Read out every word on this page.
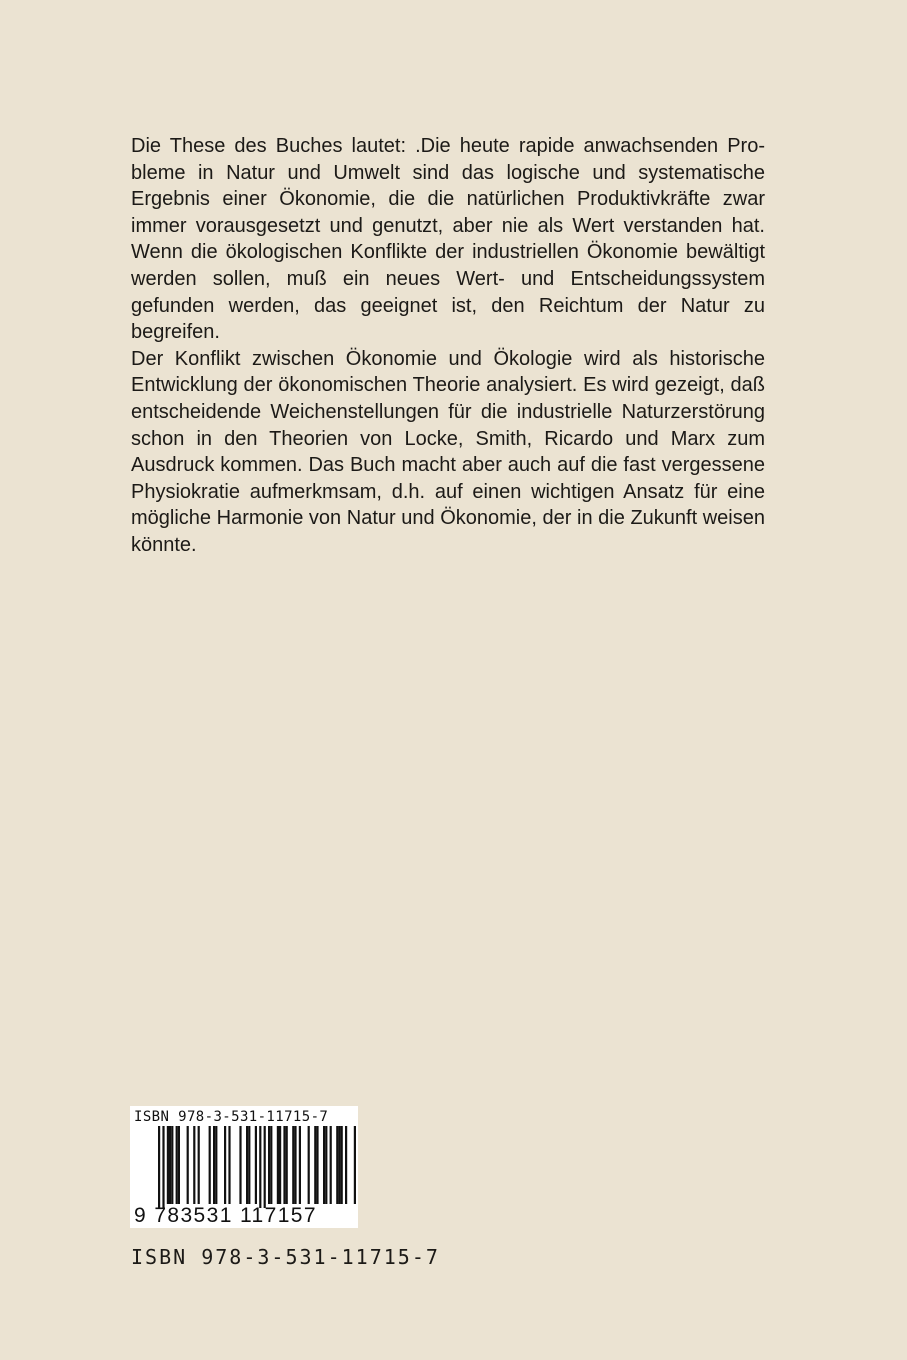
Die These des Buches lautet: .Die heute rapide anwachsenden Probleme in Natur und Umwelt sind das logische und systematische Ergebnis einer Ökonomie, die die natürlichen Produktivkräfte zwar immer vorausgesetzt und genutzt, aber nie als Wert verstanden hat. Wenn die ökologischen Konflikte der industriellen Ökonomie bewältigt werden sollen, muß ein neues Wert- und Entscheidungssystem gefunden werden, das geeignet ist, den Reichtum der Natur zu begreifen.

Der Konflikt zwischen Ökonomie und Ökologie wird als historische Entwicklung der ökonomischen Theorie analysiert. Es wird gezeigt, daß entscheidende Weichenstellungen für die industrielle Naturzerstörung schon in den Theorien von Locke, Smith, Ricardo und Marx zum Ausdruck kommen. Das Buch macht aber auch auf die fast vergessene Physiokratie aufmerkmsam, d.h. auf einen wichtigen Ansatz für eine mögliche Harmonie von Natur und Ökonomie, der in die Zukunft weisen könnte.

ISBN 978-3-531-11715-7
9 783531 117157
ISBN 978-3-531-11715-7
